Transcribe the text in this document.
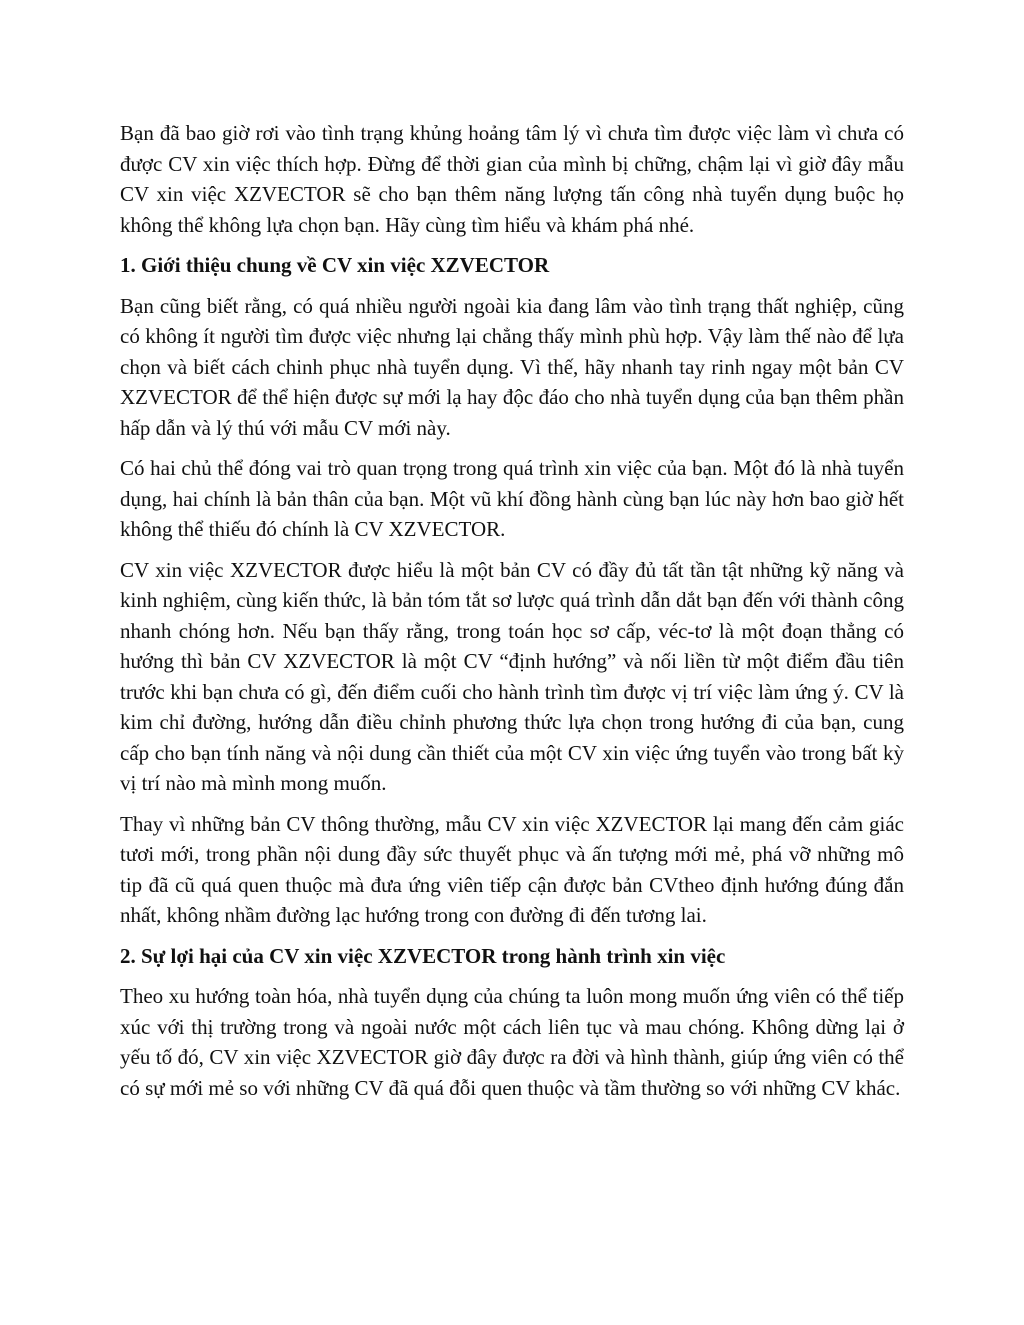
Bạn đã bao giờ rơi vào tình trạng khủng hoảng tâm lý vì chưa tìm được việc làm vì chưa có được CV xin việc thích hợp. Đừng để thời gian của mình bị chững, chậm lại vì giờ đây mẫu CV xin việc XZVECTOR sẽ cho bạn thêm năng lượng tấn công nhà tuyển dụng buộc họ không thể không lựa chọn bạn. Hãy cùng tìm hiểu và khám phá nhé.

1. Giới thiệu chung về CV xin việc XZVECTOR

Bạn cũng biết rằng, có quá nhiều người ngoài kia đang lâm vào tình trạng thất nghiệp, cũng có không ít người tìm được việc nhưng lại chẳng thấy mình phù hợp. Vậy làm thế nào để lựa chọn và biết cách chinh phục nhà tuyển dụng. Vì thế, hãy nhanh tay rinh ngay một bản CV XZVECTOR để thể hiện được sự mới lạ hay độc đáo cho nhà tuyển dụng của bạn thêm phần hấp dẫn và lý thú với mẫu CV mới này.

Có hai chủ thể đóng vai trò quan trọng trong quá trình xin việc của bạn. Một đó là nhà tuyển dụng, hai chính là bản thân của bạn. Một vũ khí đồng hành cùng bạn lúc này hơn bao giờ hết không thể thiếu đó chính là CV XZVECTOR.

CV xin việc XZVECTOR được hiểu là một bản CV có đầy đủ tất tần tật những kỹ năng và kinh nghiệm, cùng kiến thức, là bản tóm tắt sơ lược quá trình dẫn dắt bạn đến với thành công nhanh chóng hơn. Nếu bạn thấy rằng, trong toán học sơ cấp, véc-tơ là một đoạn thẳng có hướng thì bản CV XZVECTOR là một CV “định hướng” và nối liền từ một điểm đầu tiên trước khi bạn chưa có gì, đến điểm cuối cho hành trình tìm được vị trí việc làm ứng ý. CV là kim chỉ đường, hướng dẫn điều chỉnh phương thức lựa chọn trong hướng đi của bạn, cung cấp cho bạn tính năng và nội dung cần thiết của một CV xin việc ứng tuyển vào trong bất kỳ vị trí nào mà mình mong muốn.

Thay vì những bản CV thông thường, mẫu CV xin việc XZVECTOR lại mang đến cảm giác tươi mới, trong phần nội dung đầy sức thuyết phục và ấn tượng mới mẻ, phá vỡ những mô tip đã cũ quá quen thuộc mà đưa ứng viên tiếp cận được bản CVtheo định hướng đúng đắn nhất, không nhầm đường lạc hướng trong con đường đi đến tương lai.

2. Sự lợi hại của CV xin việc XZVECTOR trong hành trình xin việc

Theo xu hướng toàn hóa, nhà tuyển dụng của chúng ta luôn mong muốn ứng viên có thể tiếp xúc với thị trường trong và ngoài nước một cách liên tục và mau chóng. Không dừng lại ở yếu tố đó, CV xin việc XZVECTOR giờ đây được ra đời và hình thành, giúp ứng viên có thể có sự mới mẻ so với những CV đã quá đỗi quen thuộc và tầm thường so với những CV khác.
